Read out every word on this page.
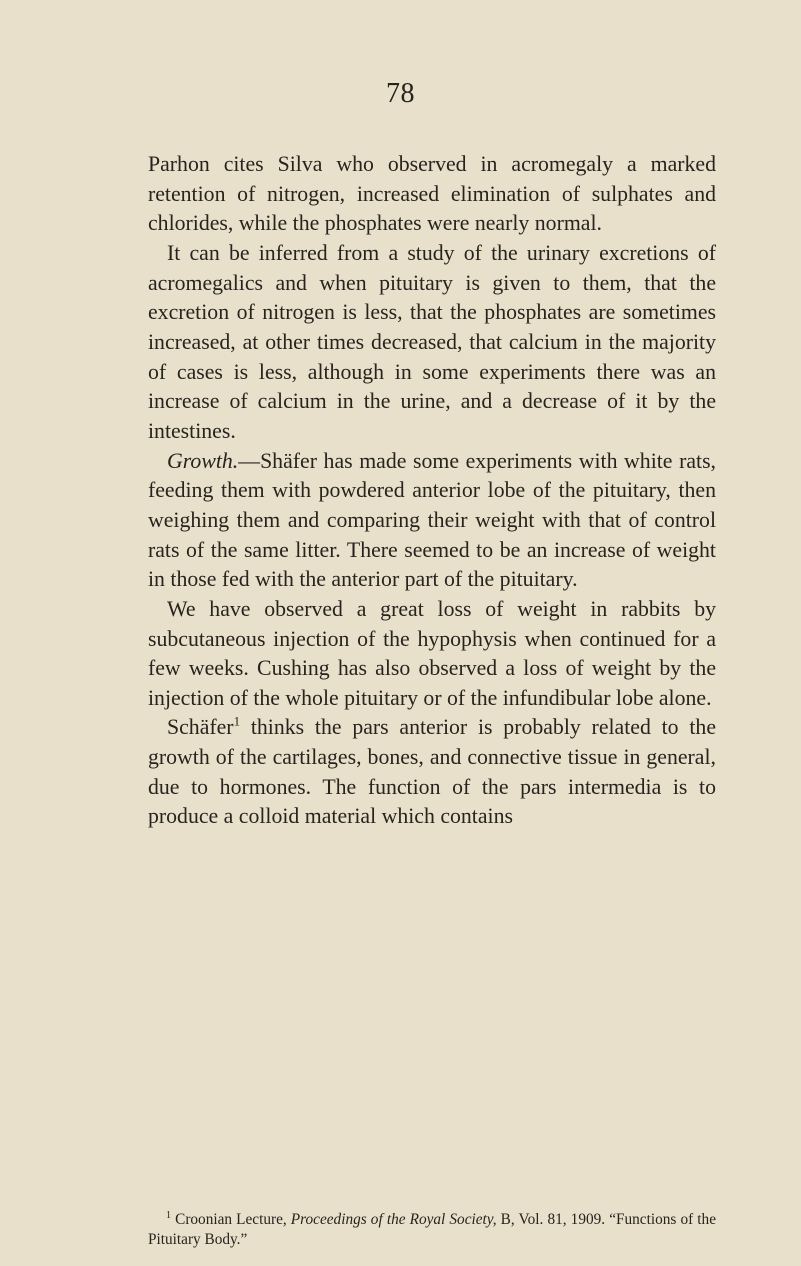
78

Parhon cites Silva who observed in acromegaly a marked retention of nitrogen, increased elimination of sulphates and chlorides, while the phosphates were nearly normal.

It can be inferred from a study of the urinary excretions of acromegalics and when pituitary is given to them, that the excretion of nitrogen is less, that the phosphates are sometimes increased, at other times decreased, that calcium in the majority of cases is less, although in some experiments there was an increase of calcium in the urine, and a decrease of it by the intestines.

Growth.—Shäfer has made some experiments with white rats, feeding them with powdered anterior lobe of the pituitary, then weighing them and comparing their weight with that of control rats of the same litter. There seemed to be an increase of weight in those fed with the anterior part of the pituitary.

We have observed a great loss of weight in rabbits by subcutaneous injection of the hypophysis when continued for a few weeks. Cushing has also observed a loss of weight by the injection of the whole pituitary or of the infundibular lobe alone.

Schäfer$^1$ thinks the pars anterior is probably related to the growth of the cartilages, bones, and connective tissue in general, due to hormones. The function of the pars intermedia is to produce a colloid material which contains

$^1$ Croonian Lecture, Proceedings of the Royal Society, B, Vol. 81, 1909. “Functions of the Pituitary Body.”
